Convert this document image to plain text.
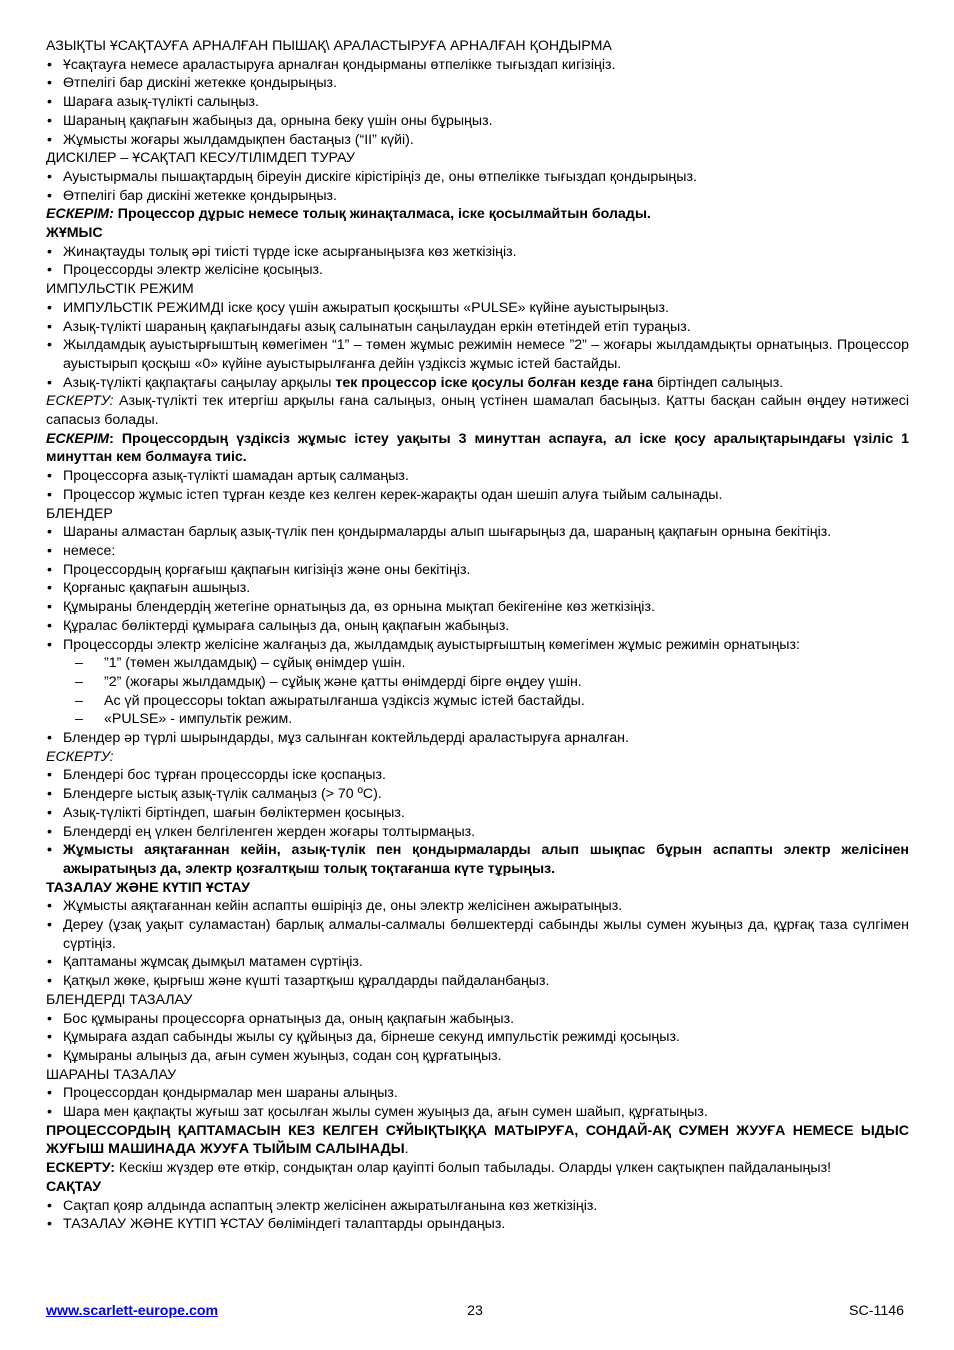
АЗЫҚТЫ ҰСАҚТАУҒА АРНАЛҒАН ПЫШАҚ\ АРАЛАСТЫРУҒА АРНАЛҒАН ҚОНДЫРМА

• Ұсақтауға немесе араластыруға арналған қондырманы өтпелікке тығыздап кигізіңіз.

• Өтпелігі бар дискіні жетекке қондырыңыз.

• Шараға азық-түлікті салыңыз.

• Шараның қақпағын жабыңыз да, орнына беку үшін оны бұрыңыз.

• Жұмысты жоғары жылдамдықпен бастаңыз (“II” күйі).

ДИСКІЛЕР – ҰСАҚТАП КЕСУ/ТІЛІМДЕП ТУРАУ

• Ауыстырмалы пышақтардың біреуін дискіге кірістіріңіз де, оны өтпелікке тығыздап қондырыңыз.

• Өтпелігі бар дискіні жетекке қондырыңыз.

ЕСКЕРІМ: Процессор дұрыс немесе толық жинақталмаса, іске қосылмайтын болады.

ЖҰМЫС

• Жинақтауды толық әрі тиісті түрде іске асырғаныңызға көз жеткізіңіз.

• Процессорды электр желісіне қосыңыз.

ИМПУЛЬСТІК РЕЖИМ

• ИМПУЛЬСТІК РЕЖИМДІ іске қосу үшін ажыратып қосқышты «PULSE» күйіне ауыстырыңыз.

• Азық-түлікті шараның қақпағындағы азық салынатын саңылаудан еркін өтетіндей етіп тураңыз.

• Жылдамдық ауыстырғыштың көмегімен “1” – төмен жұмыс режимін немесе ”2” – жоғары жылдамдықты орнатыңыз. Процессор ауыстырып қосқыш «0» күйіне ауыстырылғанға дейін үздіксіз жұмыс істей бастайды.

• Азық-түлікті қақпақтағы саңылау арқылы тек процессор іске қосулы болған кезде ғана біртіндеп салыңыз.

ЕСКЕРТУ: Азық-түлікті тек итергіш арқылы ғана салыңыз, оның үстінен шамалап басыңыз. Қатты басқан сайын өңдеу нәтижесі сапасыз болады.

ЕСКЕРІМ: Процессордың үздіксіз жұмыс істеу уақыты 3 минуттан аспауға, ал іске қосу аралықтарындағы үзіліс 1 минуттан кем болмауға тиіс.

• Процессорға азық-түлікті шамадан артық салмаңыз.

• Процессор жұмыс істеп тұрған кезде кез келген керек-жарақты одан шешіп алуға тыйым салынады.

БЛЕНДЕР

• Шараны алмастан барлық азық-түлік пен қондырмаларды алып шығарыңыз да, шараның қақпағын орнына бекітіңіз.

• немесе:

• Процессордың қорғағыш қақпағын кигізіңіз және оны бекітіңіз.

• Қорғаныс қақпағын ашыңыз.

• Құмыраны блендердің жетегіне орнатыңыз да, өз орнына мықтап бекігеніне көз жеткізіңіз.

• Құралас бөліктерді құмыраға салыңыз да, оның қақпағын жабыңыз.

• Процессорды электр желісіне жалғаңыз да, жылдамдық ауыстырғыштың көмегімен жұмыс режимін орнатыңыз:

– ”1” (төмен жылдамдық) – сұйық өнімдер үшін.

– ”2” (жоғары жылдамдық) – сұйық және қатты өнімдерді бірге өңдеу үшін.

– Ас үй процессоры toktan ажыратылғанша үздіксіз жұмыс істей бастайды.

– «PULSE» - импультік режим.

• Блендер әр түрлі шырындарды, мұз салынған коктейльдерді араластыруға арналған.

ЕСКЕРТУ:

• Блендері бос тұрған процессорды іске қоспаңыз.

• Блендерге ыстық азық-түлік салмаңыз (> 70 ºC).

• Азық-түлікті біртіндеп, шағын бөліктермен қосыңыз.

• Блендерді ең үлкен белгіленген жерден жоғары толтырмаңыз.

• Жұмысты аяқтағаннан кейін, азық-түлік пен қондырмаларды алып шықпас бұрын аспапты электр желісінен ажыратыңыз да, электр қозғалтқыш толық тоқтағанша күте тұрыңыз.

ТАЗАЛАУ ЖӘНЕ КҮТІП ҰСТАУ

• Жұмысты аяқтағаннан кейін аспапты өшіріңіз де, оны электр желісінен ажыратыңыз.

• Дереу (ұзақ уақыт суламастан) барлық алмалы-салмалы бөлшектерді сабынды жылы сумен жуыңыз да, құрғақ таза сүлгімен сүртіңіз.

• Қаптаманы жұмсақ дымқыл матамен сүртіңіз.

• Қатқыл жөке, қырғыш және күшті тазартқыш құралдарды пайдаланбаңыз.

БЛЕНДЕРДІ ТАЗАЛАУ

• Бос құмыраны процессорға орнатыңыз да, оның қақпағын жабыңыз.

• Құмыраға аздап сабынды жылы су құйыңыз да, бірнеше секунд импульстік режимді қосыңыз.

• Құмыраны алыңыз да, ағын сумен жуыңыз, содан соң құрғатыңыз.

ШАРАНЫ ТАЗАЛАУ

• Процессордан қондырмалар мен шараны алыңыз.

• Шара мен қақпақты жуғыш зат қосылған жылы сумен жуыңыз да, ағын сумен шайып, құрғатыңыз.

ПРОЦЕССОРДЫҢ ҚАПТАМАСЫН КЕЗ КЕЛГЕН СҰЙЫҚТЫҚҚА МАТЫРУҒА, СОНДАЙ-АҚ СУМЕН ЖУУҒА НЕМЕСЕ ЫДЫС ЖУҒЫШ МАШИНАДА ЖУУҒА ТЫЙЫМ САЛЫНАДЫ.

ЕСКЕРТУ: Кескіш жүздер өте өткір, сондықтан олар қауіпті болып табылады. Оларды үлкен сақтықпен пайдаланыңыз!

САҚТАУ

• Сақтап қояр алдында аспаптың электр желісінен ажыратылғанына көз жеткізіңіз.

• ТАЗАЛАУ ЖӘНЕ КҮТІП ҰСТАУ бөліміндегі талаптарды орындаңыз.

www.scarlett-europe.com	23	SC-1146
